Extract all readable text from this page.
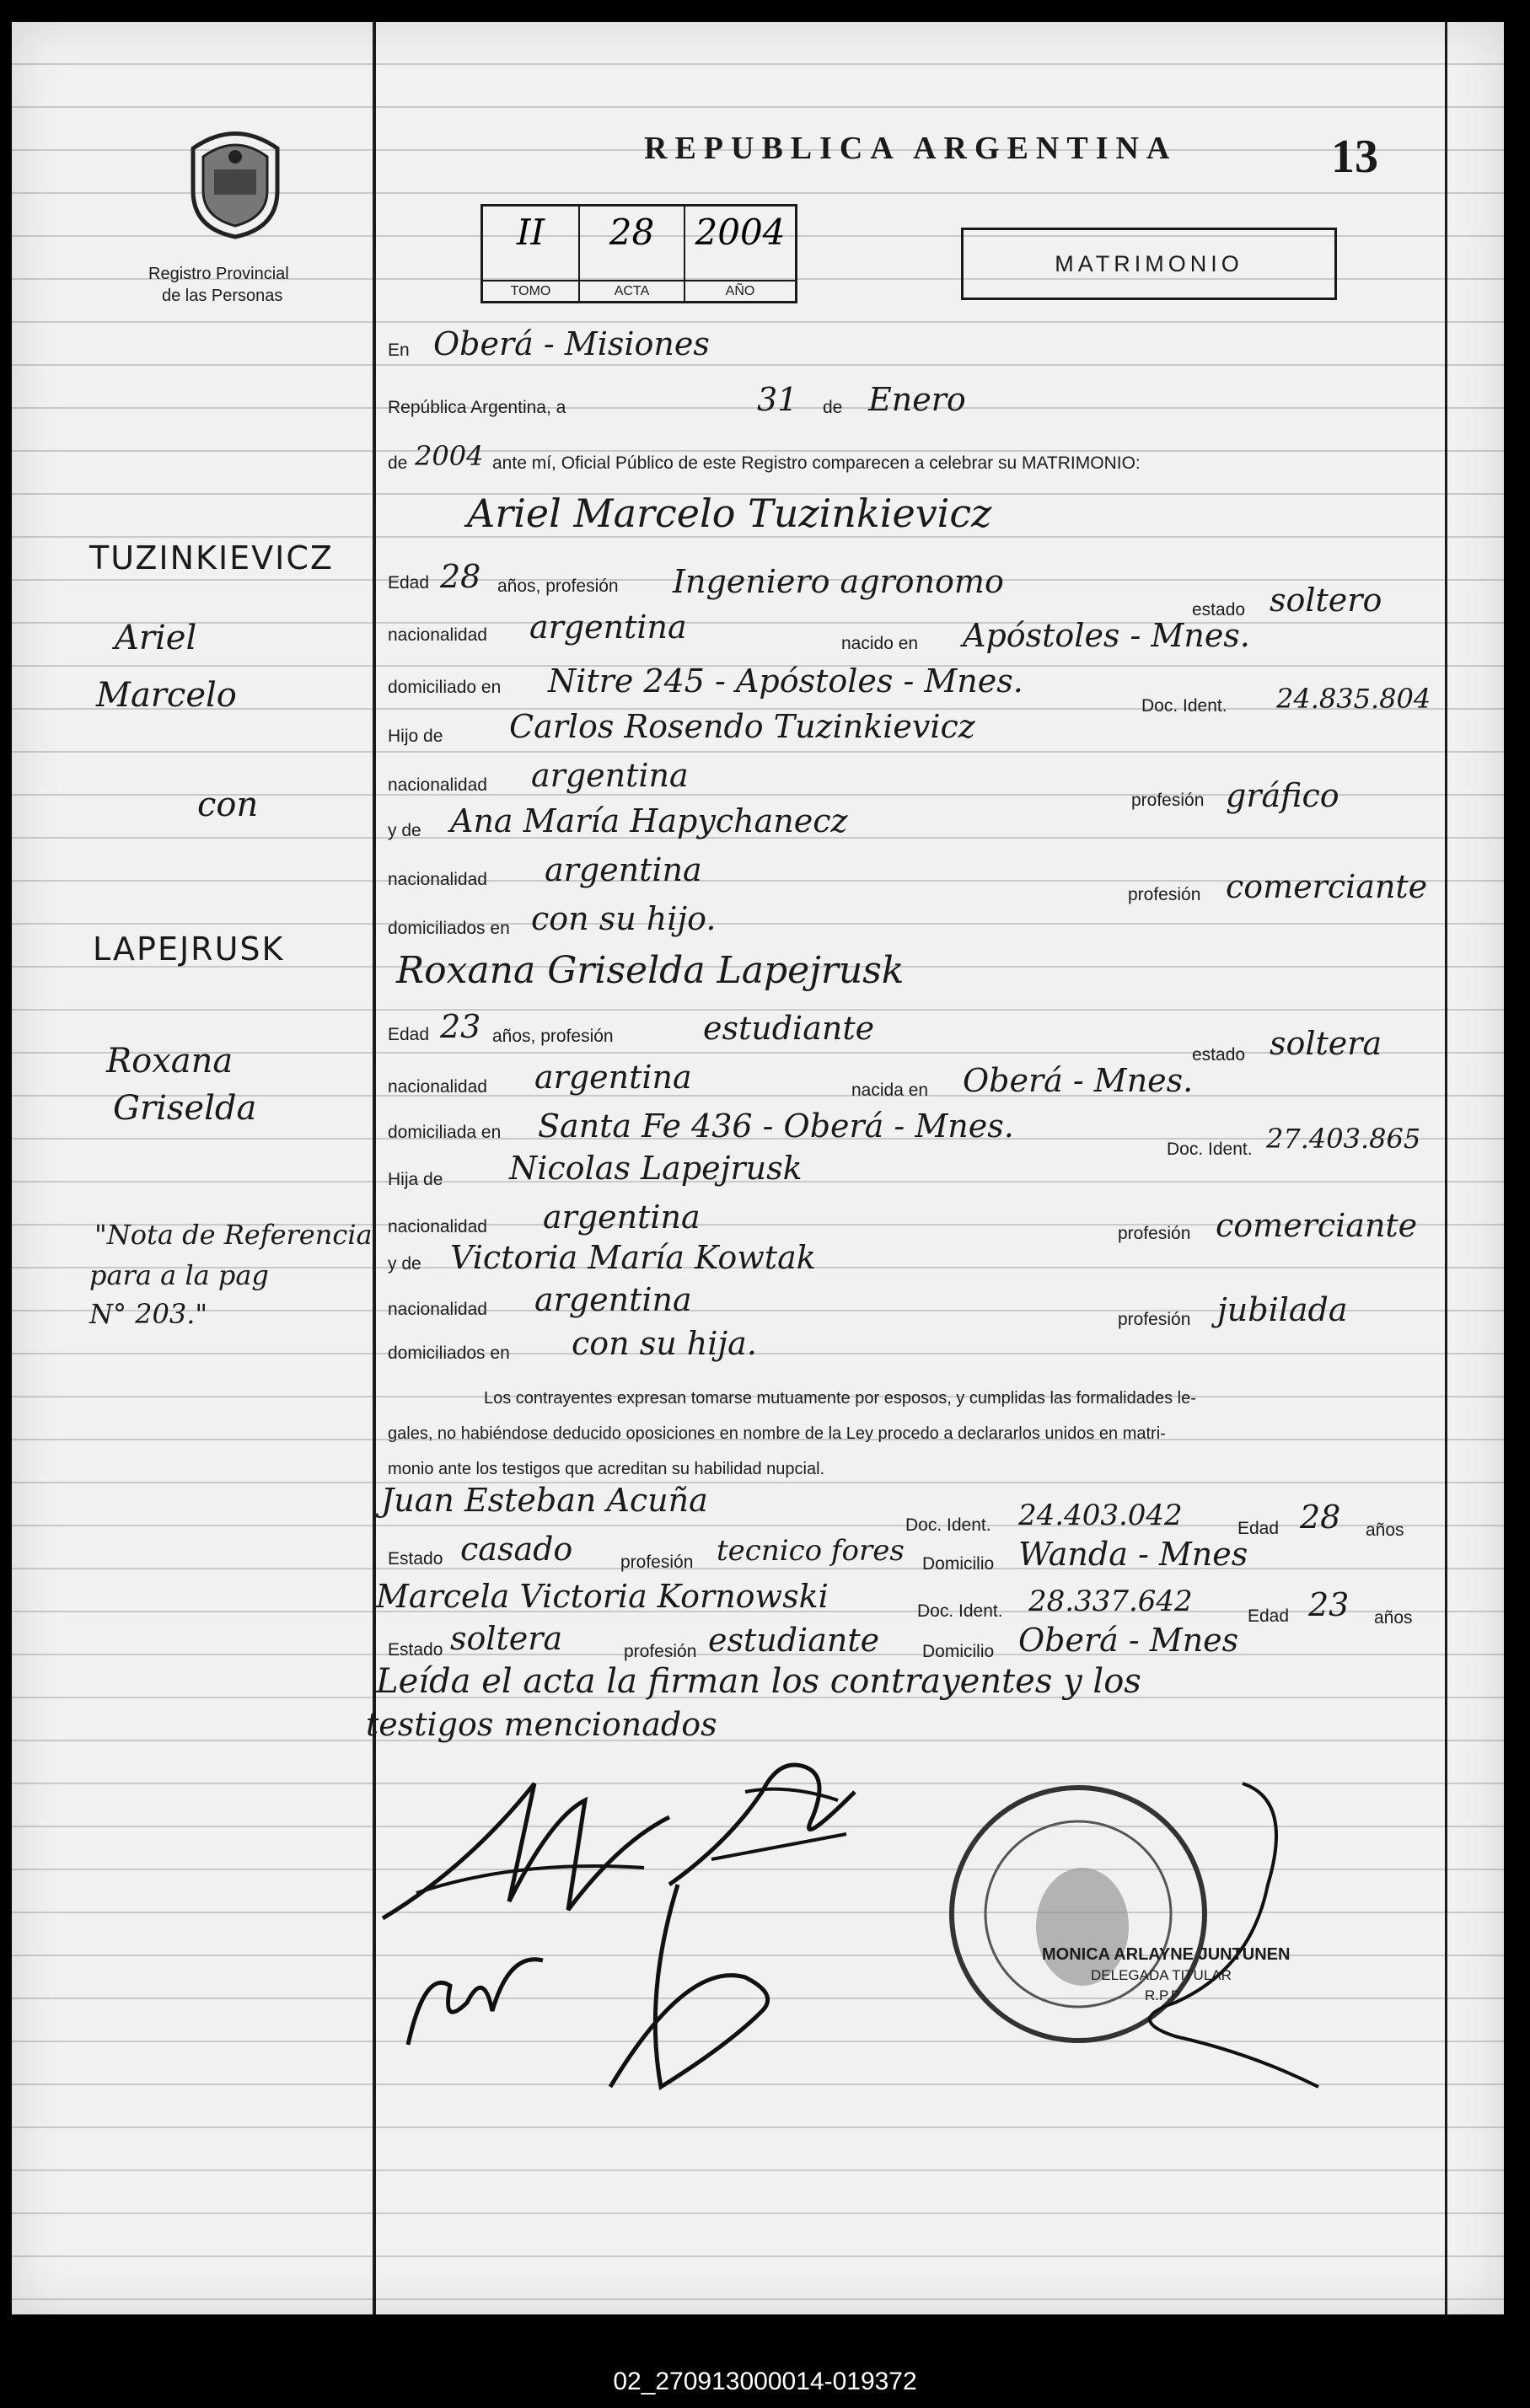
Registro Provincial
de las Personas
REPUBLICA ARGENTINA	13
II
TOMO
28
ACTA
2004
AÑO
MATRIMONIO
En Oberá - Misiones
República Argentina, a	31 de Enero
de 2004 ante mí, Oficial Público de este Registro comparecen a celebrar su MATRIMONIO:
Ariel Marcelo Tuzinkievicz
Edad 28 años, profesión Ingeniero agronomo
estado soltero
nacionalidad argentina	nacido en Apóstoles - Mnes.
domiciliado en Nitre 245 - Apóstoles - Mnes.
Doc. Ident. 24.835.804
Hijo de Carlos Rosendo Tuzinkievicz
nacionalidad argentina
profesión gráfico
y de Ana María Hapychanecz
nacionalidad argentina
profesión comerciante
domiciliados en con su hijo.
Roxana Griselda Lapejrusk
Edad 23 años, profesión	estudiante
estado soltera
nacionalidad argentina	nacida en Oberá - Mnes.
domiciliada en Santa Fe 436 - Oberá - Mnes.
Doc. Ident. 27.403.865
Hija de Nicolas Lapejrusk
nacionalidad argentina	profesión comerciante
y de Victoria María Kowtak
nacionalidad argentina
profesión jubilada
domiciliados en con su hija.
Los contrayentes expresan tomarse mutuamente por esposos, y cumplidas las formalidades le-
gales, no habiéndose deducido oposiciones en nombre de la Ley procedo a declararlos unidos en matri-
monio ante los testigos que acreditan su habilidad nupcial.
Juan Esteban Acuña
Doc. Ident. 24.403.042	Edad 28 años
Estado casado	profesión tecnico fores Domicilio Wanda - Mnes
Marcela Victoria Kornowski	Doc. Ident. 28.337.642	Edad 23 años
Estado soltera	profesión estudiante Domicilio Oberá - Mnes
Leída el acta la firman los contrayentes y los
testigos mencionados
MONICA ARLAYNE JUNTUNEN
DELEGADA TITULAR
R.P.P.
TUZINKIEVICZ
Ariel
Marcelo
con
LAPEJRUSK
Roxana
Griselda
"Nota de Referencia
para a la pag
N° 203."
02_270913000014-019372
